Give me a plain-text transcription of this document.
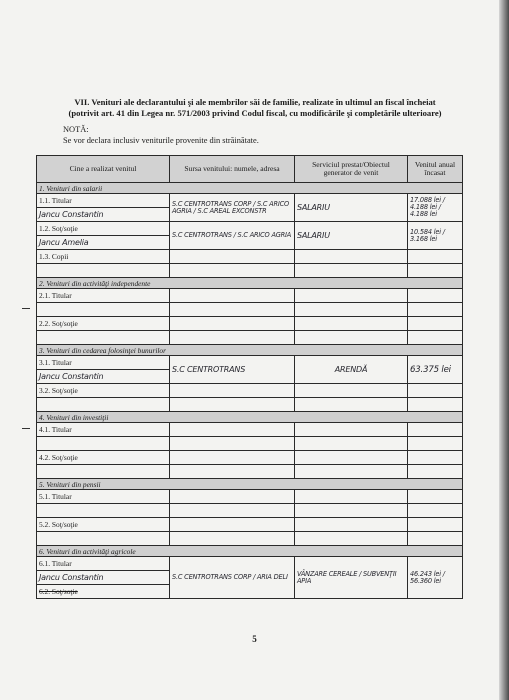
VII. Venituri ale declarantului şi ale membrilor săi de familie, realizate în ultimul an fiscal încheiat
(potrivit art. 41 din Legea nr. 571/2003 privind Codul fiscal, cu modificările şi completările ulterioare)
NOTĂ:
Se vor declara inclusiv veniturile provenite din străinătate.
Cine a realizat venitul	Sursa venitului: numele, adresa	Serviciul prestat/Obiectul generator de venit	Venitul anual încasat
1. Venituri din salarii			
1.1. Titular	S.C CENTROTRANS CORP / S.C ARICO AGRIA / S.C AREAL EXCONSTR	SALARIU	17.088 lei / 4.188 lei / 4.188 lei
Jancu Constantin			
1.2. Soţ/soţie	S.C CENTROTRANS / S.C ARICO AGRIA	SALARIU	10.584 lei / 3.168 lei
Jancu Amelia			
1.3. Copii			

2. Venituri din activităţi independente			
2.1. Titular			

2.2. Soţ/soţie			

3. Venituri din cedarea folosinţei bunurilor			
3.1. Titular	S.C CENTROTRANS	ARENDĂ	63.375 lei
Jancu Constantin			
3.2. Soţ/soţie			

4. Venituri din investiţii			
4.1. Titular			

4.2. Soţ/soţie			

5. Venituri din pensii			
5.1. Titular			

5.2. Soţ/soţie			

6. Venituri din activităţi agricole			
6.1. Titular	S.C CENTROTRANS CORP / ARIA DELI	VÂNZARE CEREALE / SUBVENŢII APIA	46.243 lei / 56.360 lei
Jancu Constantin			
6.2. Soţ/soţie			
5
